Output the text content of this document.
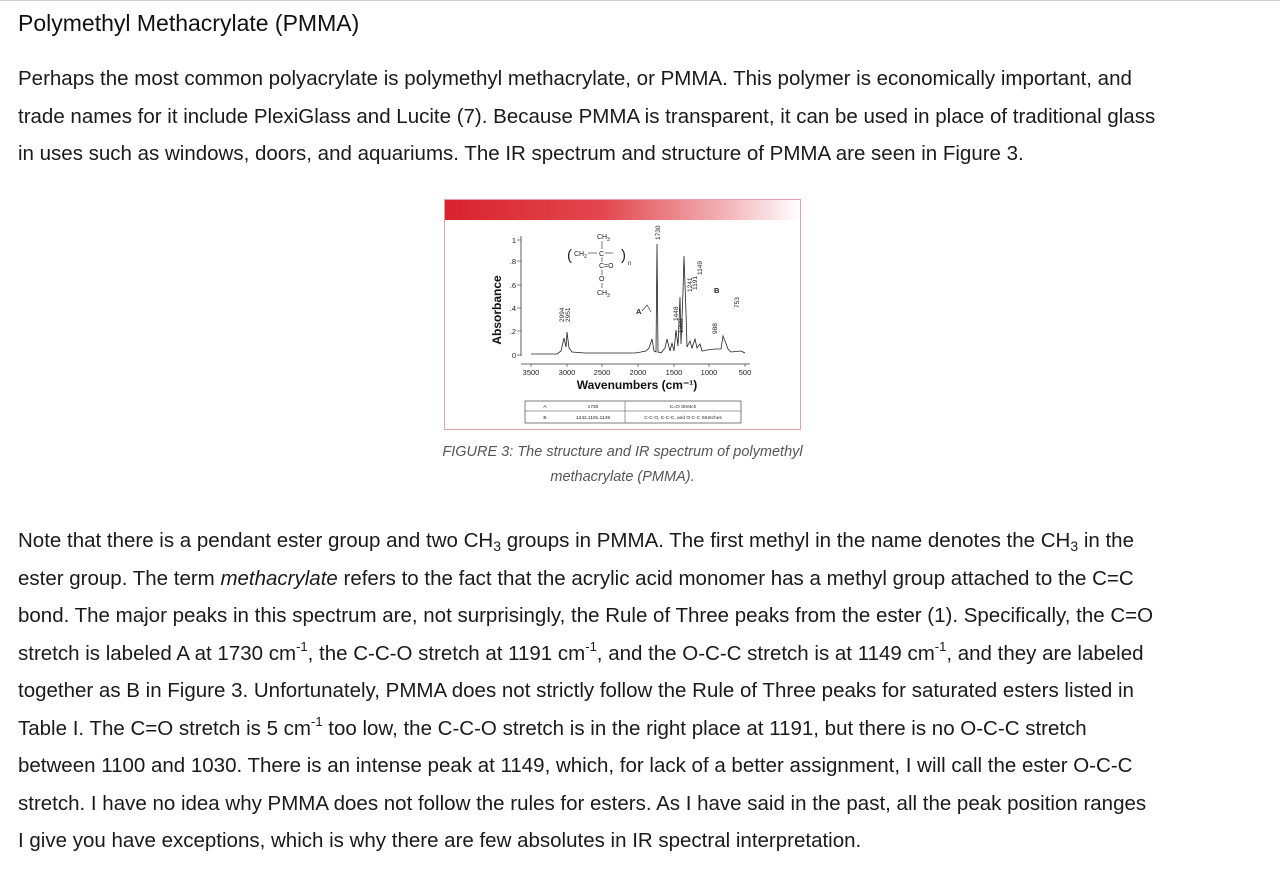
Polymethyl Methacrylate (PMMA)

Perhaps the most common polyacrylate is polymethyl methacrylate, or PMMA. This polymer is economically important, and
trade names for it include PlexiGlass and Lucite (7). Because PMMA is transparent, it can be used in place of traditional glass
in uses such as windows, doors, and aquariums. The IR spectrum and structure of PMMA are seen in Figure 3.

Absorbance
0
.2
.4
.6
.8
1
3500	3000 2500	2000	1500 1000	500
Wavenumbers (cm⁻¹)
2994 2951
1730
1448
1388
1241
1191
1149
988
753
A
B
( CH 2
CH 3
C
C=O
O
CH 3
) n
A	1730	C=O Stretch
B	1242,1191,1149	C-C-O, C-C-C, and O-C-C Stretches

FIGURE 3: The structure and IR spectrum of polymethyl
methacrylate (PMMA).

Note that there is a pendant ester group and two $CH_3$ groups in PMMA. The first methyl in the name denotes the $CH_3$ in the
ester group. The term methacrylate refers to the fact that the acrylic acid monomer has a methyl group attached to the C=C
bond. The major peaks in this spectrum are, not surprisingly, the Rule of Three peaks from the ester (1). Specifically, the C=O
stretch is labeled A at 1730 $cm^{-1}$, the C-C-O stretch at 1191 $cm^{-1}$, and the O-C-C stretch is at 1149 $cm^{-1}$, and they are labeled
together as B in Figure 3. Unfortunately, PMMA does not strictly follow the Rule of Three peaks for saturated esters listed in
Table I. The C=O stretch is 5 $cm^{-1}$ too low, the C-C-O stretch is in the right place at 1191, but there is no O-C-C stretch
between 1100 and 1030. There is an intense peak at 1149, which, for lack of a better assignment, I will call the ester O-C-C
stretch. I have no idea why PMMA does not follow the rules for esters. As I have said in the past, all the peak position ranges
I give you have exceptions, which is why there are few absolutes in IR spectral interpretation.
